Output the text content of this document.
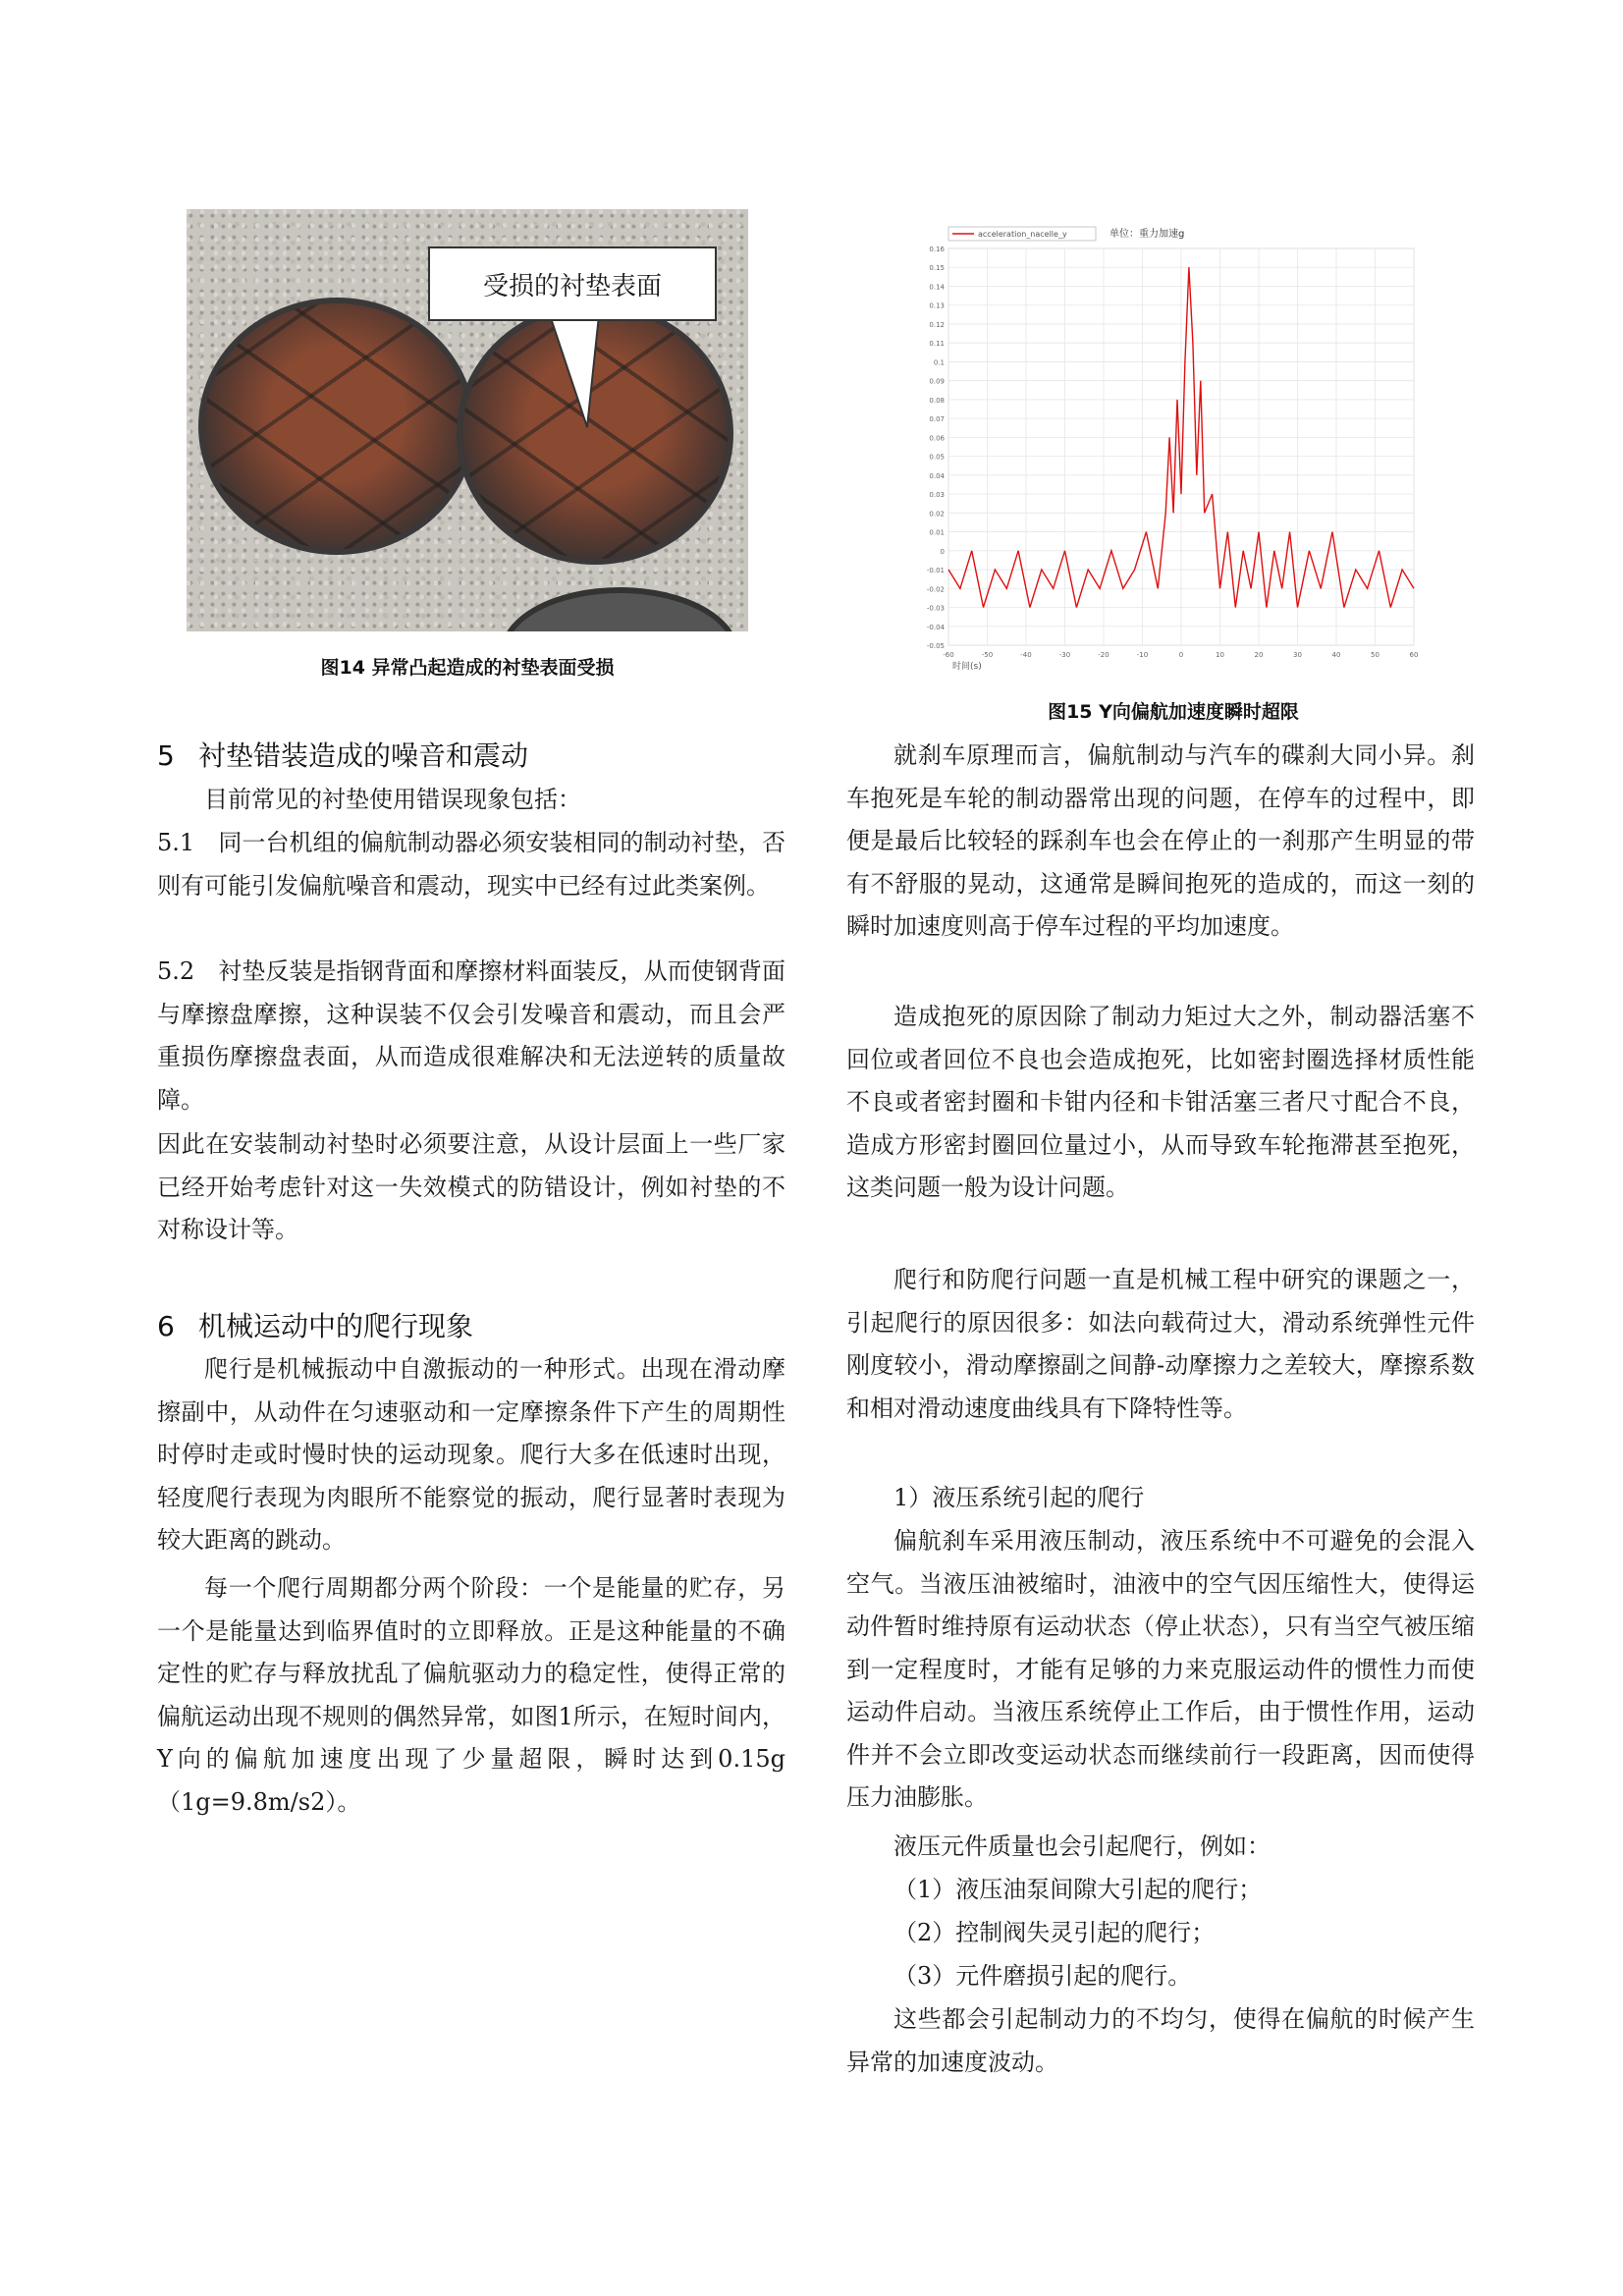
受损的衬垫表面
图14 异常凸起造成的衬垫表面受损
0.16
0.15
0.14
0.13
0.12
0.11
0.1
0.09
0.08
0.07
0.06
0.05
0.04
0.03
0.02
0.01
0
-0.01
-0.02
-0.03
-0.04
-0.05
-60	-50	-40	-30	-20	-10	0	10	20	30	40	50	60
acceleration_nacelle_y	单位：重力加速g
时间(s)
图15 Y向偏航加速度瞬时超限
5 衬垫错装造成的噪音和震动

目前常见的衬垫使用错误现象包括：

5.1　同一台机组的偏航制动器必须安装相同的制动衬垫，否则有可能引发偏航噪音和震动，现实中已经有过此类案例。

5.2　衬垫反装是指钢背面和摩擦材料面装反，从而使钢背面与摩擦盘摩擦，这种误装不仅会引发噪音和震动，而且会严重损伤摩擦盘表面，从而造成很难解决和无法逆转的质量故障。

因此在安装制动衬垫时必须要注意，从设计层面上一些厂家已经开始考虑针对这一失效模式的防错设计，例如衬垫的不对称设计等。

6 机械运动中的爬行现象

爬行是机械振动中自激振动的一种形式。出现在滑动摩擦副中，从动件在匀速驱动和一定摩擦条件下产生的周期性时停时走或时慢时快的运动现象。爬行大多在低速时出现，轻度爬行表现为肉眼所不能察觉的振动，爬行显著时表现为较大距离的跳动。

每一个爬行周期都分两个阶段：一个是能量的贮存，另一个是能量达到临界值时的立即释放。正是这种能量的不确定性的贮存与释放扰乱了偏航驱动力的稳定性，使得正常的偏航运动出现不规则的偶然异常，如图1所示，在短时间内，Y向的偏航加速度出现了少量超限，瞬时达到0.15g（1g=9.8m/s2）。

就刹车原理而言，偏航制动与汽车的碟刹大同小异。刹车抱死是车轮的制动器常出现的问题，在停车的过程中，即便是最后比较轻的踩刹车也会在停止的一刹那产生明显的带有不舒服的晃动，这通常是瞬间抱死的造成的，而这一刻的瞬时加速度则高于停车过程的平均加速度。

造成抱死的原因除了制动力矩过大之外，制动器活塞不回位或者回位不良也会造成抱死，比如密封圈选择材质性能不良或者密封圈和卡钳内径和卡钳活塞三者尺寸配合不良，造成方形密封圈回位量过小，从而导致车轮拖滞甚至抱死，这类问题一般为设计问题。

爬行和防爬行问题一直是机械工程中研究的课题之一，引起爬行的原因很多：如法向载荷过大，滑动系统弹性元件刚度较小，滑动摩擦副之间静-动摩擦力之差较大，摩擦系数和相对滑动速度曲线具有下降特性等。

1）液压系统引起的爬行

偏航刹车采用液压制动，液压系统中不可避免的会混入空气。当液压油被缩时，油液中的空气因压缩性大，使得运动件暂时维持原有运动状态（停止状态），只有当空气被压缩到一定程度时，才能有足够的力来克服运动件的惯性力而使运动件启动。当液压系统停止工作后，由于惯性作用，运动件并不会立即改变运动状态而继续前行一段距离，因而使得压力油膨胀。

液压元件质量也会引起爬行，例如：

（1）液压油泵间隙大引起的爬行；

（2）控制阀失灵引起的爬行；

（3）元件磨损引起的爬行。

这些都会引起制动力的不均匀，使得在偏航的时候产生异常的加速度波动。
